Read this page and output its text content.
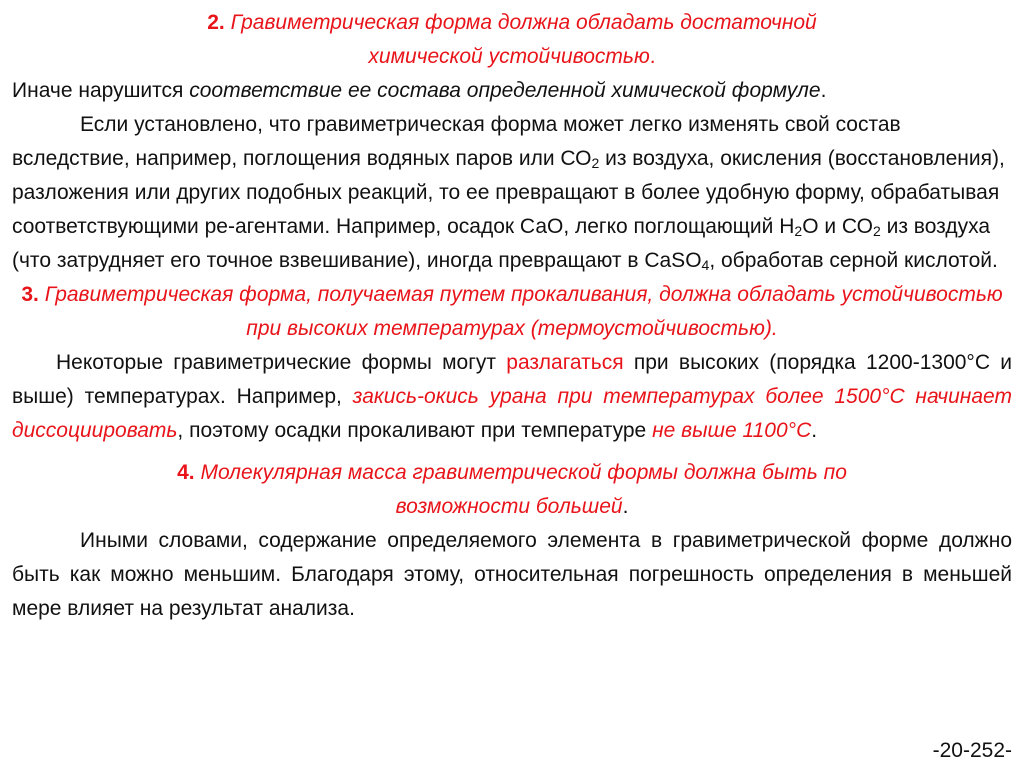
2. Гравиметрическая форма должна обладать достаточной
химической устойчивостью.

Иначе нарушится соответствие ее состава определенной химической формуле.

Если установлено, что гравиметрическая форма может легко изменять свой состав вследствие, например, поглощения водяных паров или $СО_2$ из воздуха, окисления (восстановления), разложения или других подобных реакций, то ее превращают в более удобную форму, обрабатывая соответствующими ре-агентами. Например, осадок СаО, легко поглощающий $Н_2О$ и $СО_2$ из воздуха (что затрудняет его точное взвешивание), иногда превращают в CaSO$_4$, обработав серной кислотой.

3. Гравиметрическая форма, получаемая путем прокаливания, должна обладать устойчивостью при высоких температурах (термоустойчивостью).

Некоторые гравиметрические формы могут разлагаться при высоких (порядка 1200-1300°С и выше) температурах. Например, закись-окись урана при температурах более 1500°С начинает диссоциировать, поэтому осадки прокаливают при температуре не выше 1100°С.

4. Молекулярная масса гравиметрической формы должна быть по
возможности большей.

Иными словами, содержание определяемого элемента в гравиметрической форме должно быть как можно меньшим. Благодаря этому, относительная погрешность определения в меньшей мере влияет на результат анализа.

-20-252-
